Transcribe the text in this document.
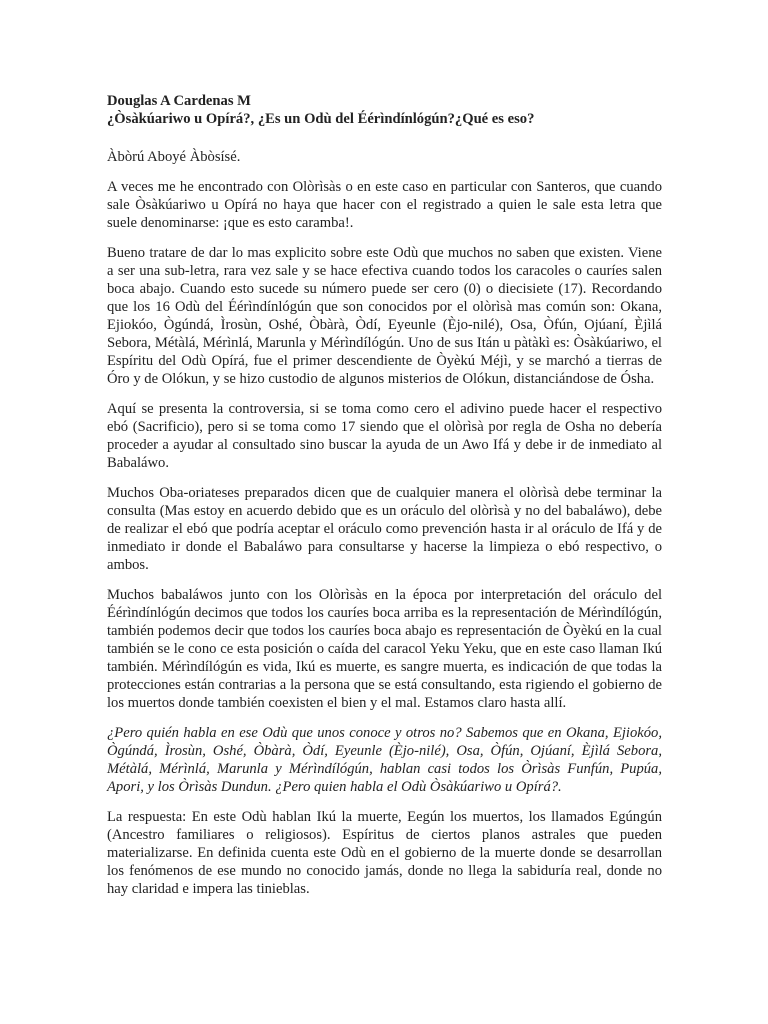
Douglas A Cardenas M

¿Òsàkúariwo u Opírá?, ¿Es un Odù del Éérìndínlógún?¿Qué es eso?

Àbòrú Aboyé Àbòsísé.

A veces me he encontrado con Olòrìsàs o en este caso en particular con Santeros, que cuando sale Òsàkúariwo u Opírá no haya que hacer con el registrado a quien le sale esta letra que suele denominarse: ¡que es esto caramba!.

Bueno tratare de dar lo mas explicito sobre este Odù que muchos no saben que existen. Viene a ser una sub-letra, rara vez sale y se hace efectiva cuando todos los caracoles o cauríes salen boca abajo. Cuando esto sucede su número puede ser cero (0) o diecisiete (17). Recordando que los 16 Odù del Éérìndínlógún que son conocidos por el olòrìsà mas común son: Okana, Ejiokóo, Ògúndá, Ìrosùn, Oshé, Òbàrà, Òdí, Eyeunle (Èjo-nilé), Osa, Òfún, Ojúaní, Èjìlá Sebora, Métàlá, Mérìnlá, Marunla y Mérìndílógún. Uno de sus Itán u pàtàkì es: Òsàkúariwo, el Espíritu del Odù Opírá, fue el primer descendiente de Òyèkú Méjì, y se marchó a tierras de Óro y de Olókun, y se hizo custodio de algunos misterios de Olókun, distanciándose de Ósha.

Aquí se presenta la controversia, si se toma como cero el adivino puede hacer el respectivo ebó (Sacrificio), pero si se toma como 17 siendo que el olòrìsà por regla de Osha no debería proceder a ayudar al consultado sino buscar la ayuda de un Awo Ifá y debe ir de inmediato al Babaláwo.

Muchos Oba-oriateses preparados dicen que de cualquier manera el olòrìsà debe terminar la consulta (Mas estoy en acuerdo debido que es un oráculo del olòrìsà y no del babaláwo), debe de realizar el ebó que podría aceptar el oráculo como prevención hasta ir al oráculo de Ifá y de inmediato ir donde el Babaláwo para consultarse y hacerse la limpieza o ebó respectivo, o ambos.

Muchos babaláwos junto con los Olòrìsàs en la época por interpretación del oráculo del Éérìndínlógún decimos que todos los cauríes boca arriba es la representación de Mérìndílógún, también podemos decir que todos los cauríes boca abajo es representación de Òyèkú en la cual también se le cono ce esta posición o caída del caracol Yeku Yeku, que en este caso llaman Ikú también. Mérìndílógún es vida, Ikú es muerte, es sangre muerta, es indicación de que todas la protecciones están contrarias a la persona que se está consultando, esta rigiendo el gobierno de los muertos donde también coexisten el bien y el mal. Estamos claro hasta allí.

¿Pero quién habla en ese Odù que unos conoce y otros no? Sabemos que en Okana, Ejiokóo, Ògúndá, Ìrosùn, Oshé, Òbàrà, Òdí, Eyeunle (Èjo-nilé), Osa, Òfún, Ojúaní, Èjìlá Sebora, Métàlá, Mérìnlá, Marunla y Mérìndílógún, hablan casi todos los Òrìsàs Funfún, Pupúa, Apori, y los Òrìsàs Dundun. ¿Pero quien habla el Odù Òsàkúariwo u Opírá?.

La respuesta: En este Odù hablan Ikú la muerte, Eegún los muertos, los llamados Egúngún (Ancestro familiares o religiosos). Espíritus de ciertos planos astrales que pueden materializarse. En definida cuenta este Odù en el gobierno de la muerte donde se desarrollan los fenómenos de ese mundo no conocido jamás, donde no llega la sabiduría real, donde no hay claridad e impera las tinieblas.
